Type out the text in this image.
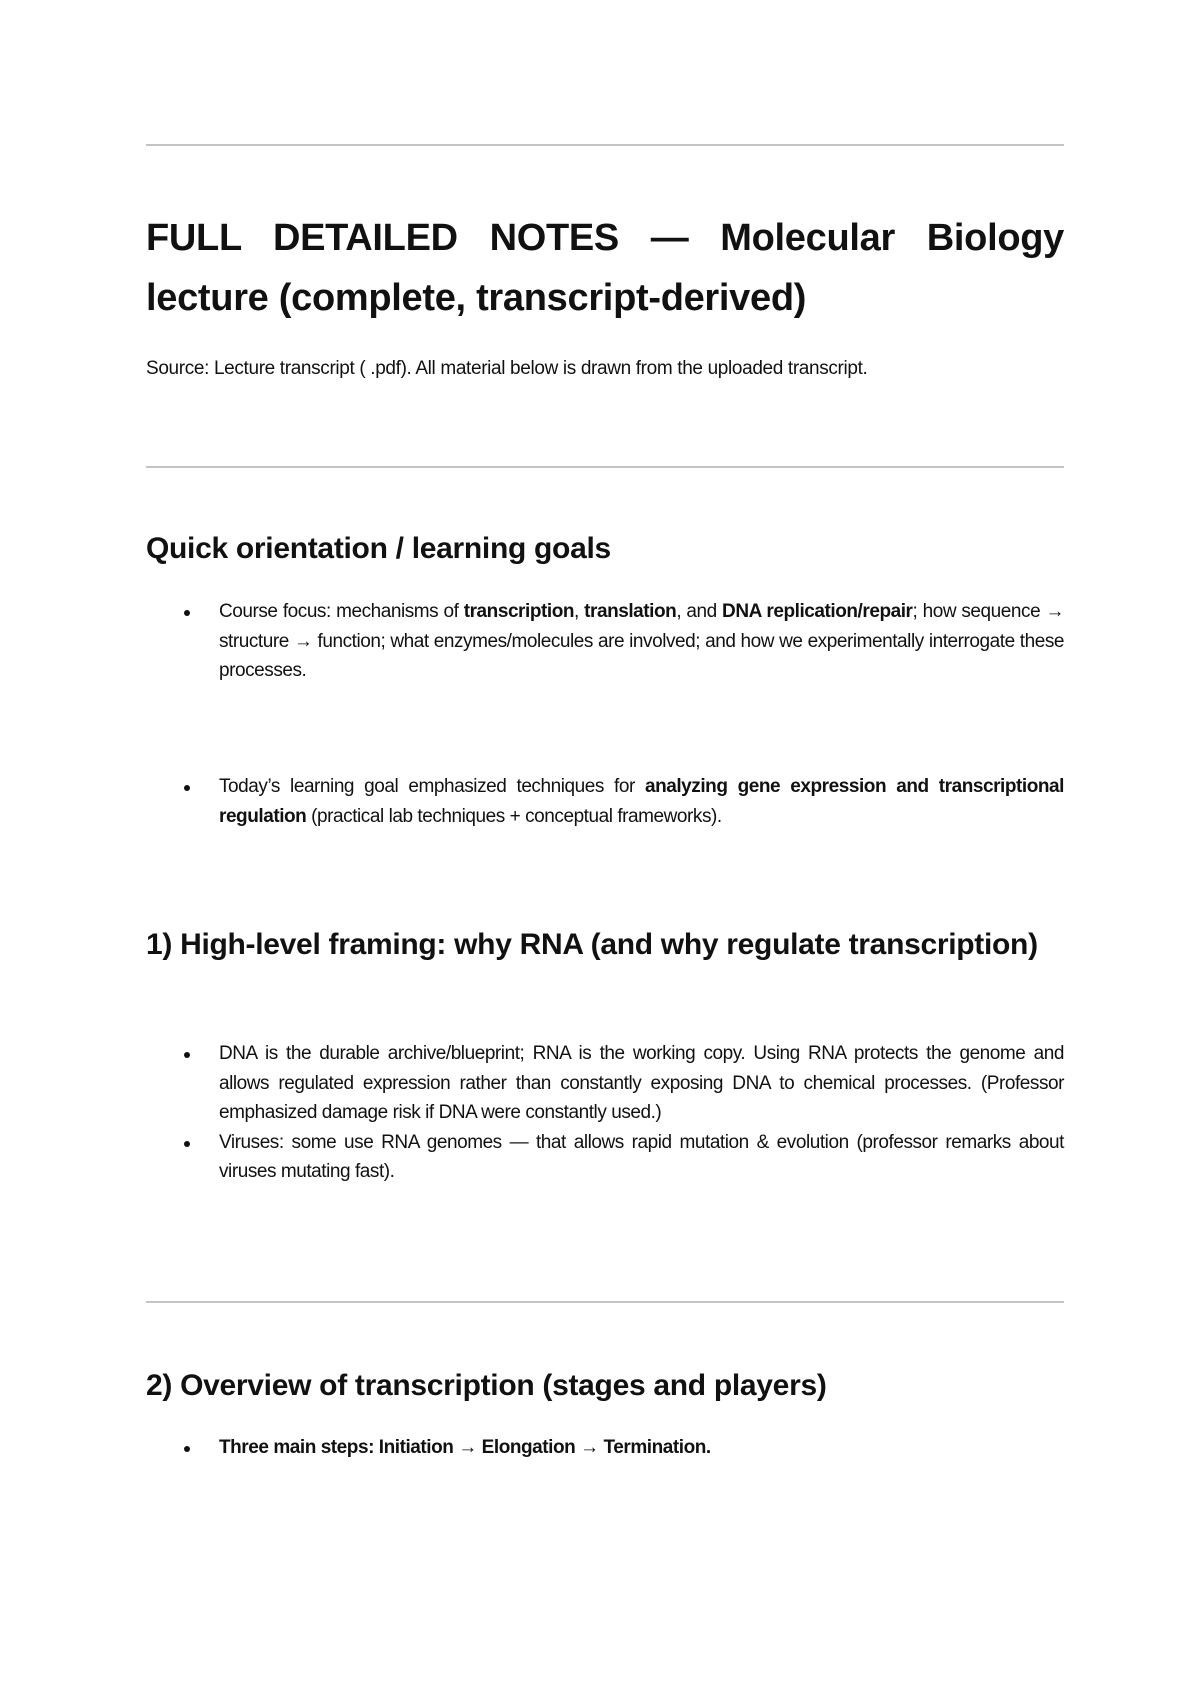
FULL DETAILED NOTES — Molecular Biology lecture (complete, transcript-derived)

Source: Lecture transcript ( .pdf). All material below is drawn from the uploaded transcript.

Quick orientation / learning goals
Course focus: mechanisms of transcription, translation, and DNA replication/repair; how sequence → structure → function; what enzymes/molecules are involved; and how we experimentally interrogate these processes.
Today’s learning goal emphasized techniques for analyzing gene expression and transcriptional regulation (practical lab techniques + conceptual frameworks).
1) High-level framing: why RNA (and why regulate transcription)
DNA is the durable archive/blueprint; RNA is the working copy. Using RNA protects the genome and allows regulated expression rather than constantly exposing DNA to chemical processes. (Professor emphasized damage risk if DNA were constantly used.)
Viruses: some use RNA genomes — that allows rapid mutation & evolution (professor remarks about viruses mutating fast).
2) Overview of transcription (stages and players)
Three main steps: Initiation → Elongation → Termination.
